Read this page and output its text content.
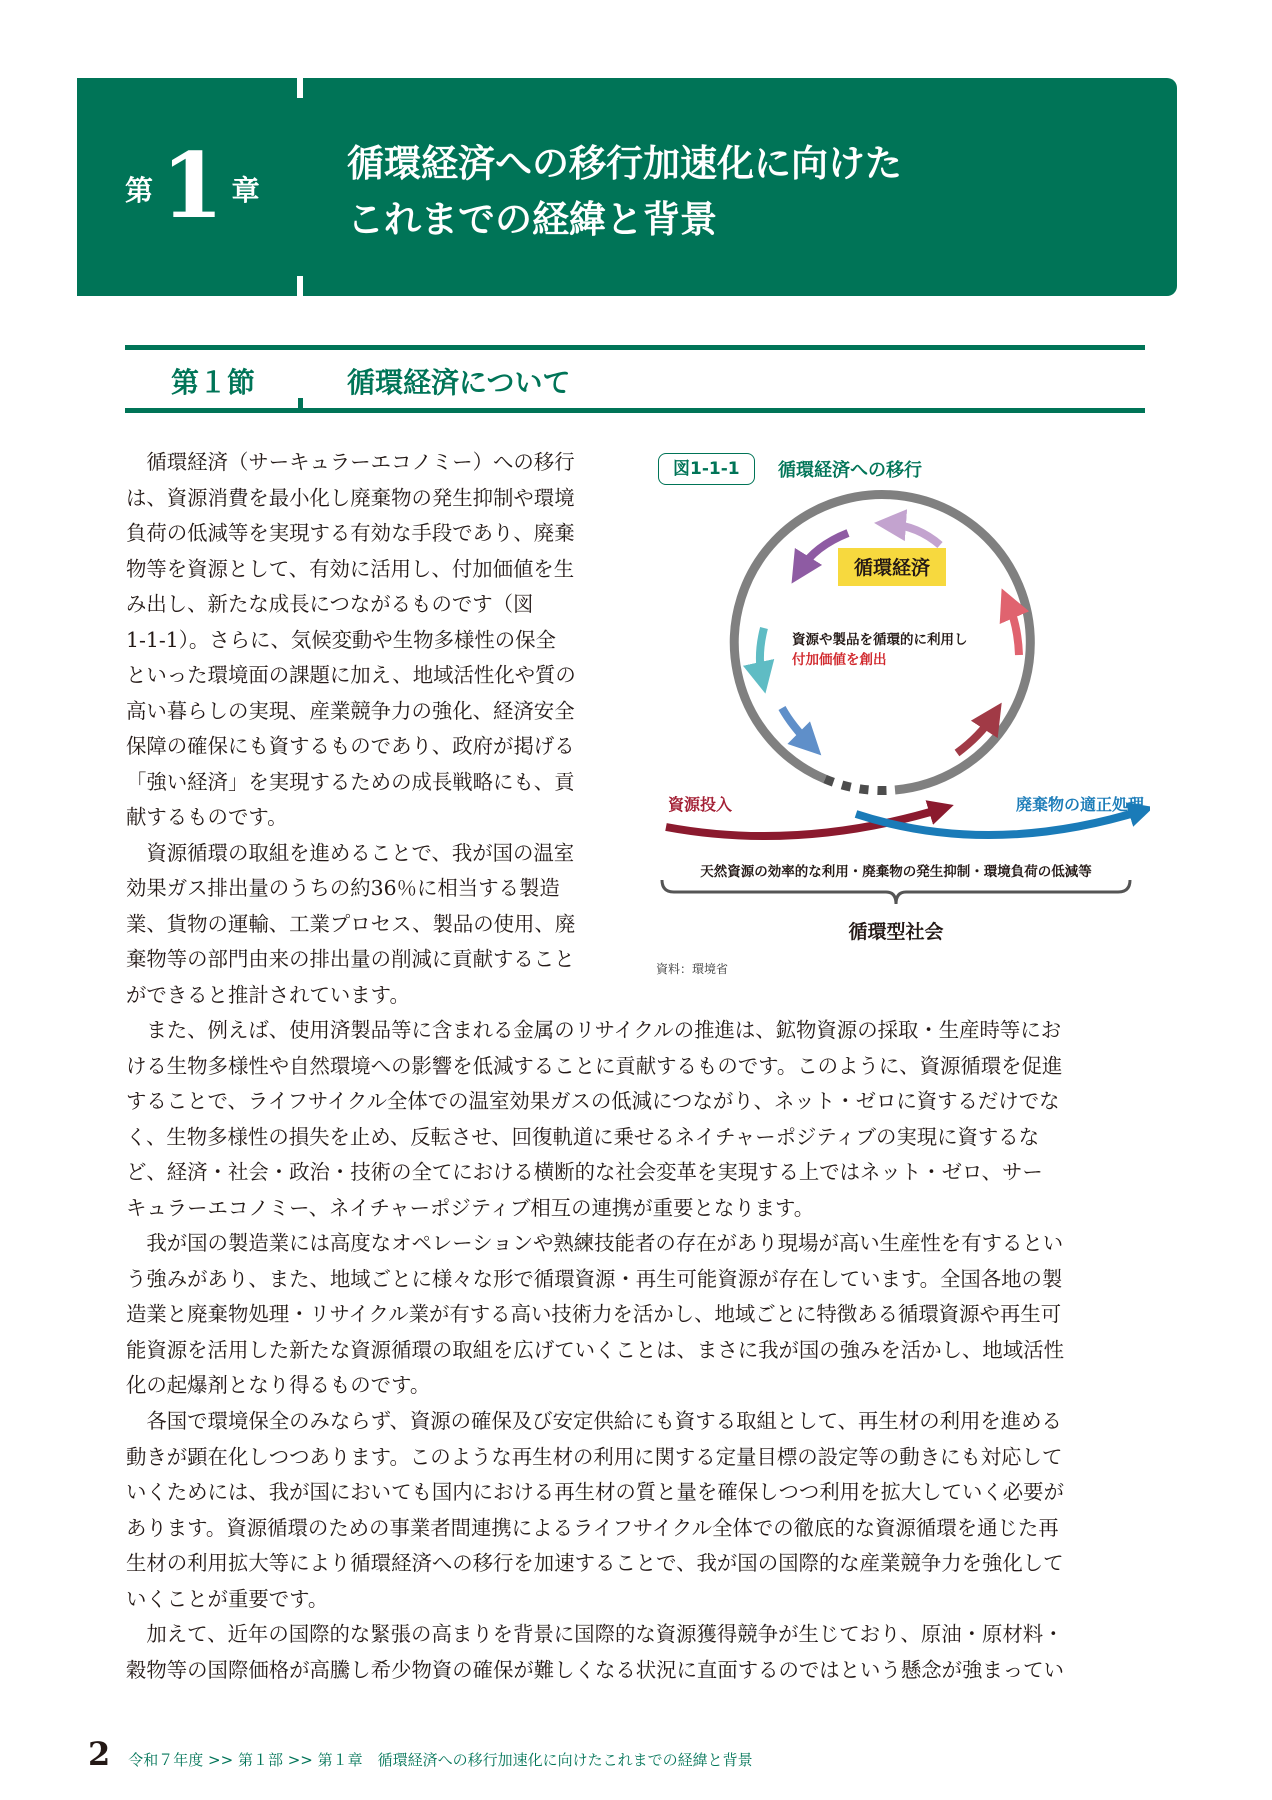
第 1 章
循環経済への移行加速化に向けた
これまでの経緯と背景
第１節	循環経済について
　循環経済（サーキュラーエコノミー）への移行
は、資源消費を最小化し廃棄物の発生抑制や環境
負荷の低減等を実現する有効な手段であり、廃棄
物等を資源として、有効に活用し、付加価値を生
み出し、新たな成長につながるものです（図
1-1-1）。さらに、気候変動や生物多様性の保全
といった環境面の課題に加え、地域活性化や質の
高い暮らしの実現、産業競争力の強化、経済安全
保障の確保にも資するものであり、政府が掲げる
「強い経済」を実現するための成長戦略にも、貢
献するものです。
　資源循環の取組を進めることで、我が国の温室
効果ガス排出量のうちの約36％に相当する製造
業、貨物の運輸、工業プロセス、製品の使用、廃
棄物等の部門由来の排出量の削減に貢献すること
ができると推計されています。
図1-1-1	循環経済への移行
循環経済
資源や製品を循環的に利用し
付加価値を創出
資源投入	廃棄物の適正処理
天然資源の効率的な利用・廃棄物の発生抑制・環境負荷の低減等
循環型社会
資料：環境省
　また、例えば、使用済製品等に含まれる金属のリサイクルの推進は、鉱物資源の採取・生産時等にお
ける生物多様性や自然環境への影響を低減することに貢献するものです。このように、資源循環を促進
することで、ライフサイクル全体での温室効果ガスの低減につながり、ネット・ゼロに資するだけでな
く、生物多様性の損失を止め、反転させ、回復軌道に乗せるネイチャーポジティブの実現に資するな
ど、経済・社会・政治・技術の全てにおける横断的な社会変革を実現する上ではネット・ゼロ、サー
キュラーエコノミー、ネイチャーポジティブ相互の連携が重要となります。
　我が国の製造業には高度なオペレーションや熟練技能者の存在があり現場が高い生産性を有するとい
う強みがあり、また、地域ごとに様々な形で循環資源・再生可能資源が存在しています。全国各地の製
造業と廃棄物処理・リサイクル業が有する高い技術力を活かし、地域ごとに特徴ある循環資源や再生可
能資源を活用した新たな資源循環の取組を広げていくことは、まさに我が国の強みを活かし、地域活性
化の起爆剤となり得るものです。
　各国で環境保全のみならず、資源の確保及び安定供給にも資する取組として、再生材の利用を進める
動きが顕在化しつつあります。このような再生材の利用に関する定量目標の設定等の動きにも対応して
いくためには、我が国においても国内における再生材の質と量を確保しつつ利用を拡大していく必要が
あります。資源循環のための事業者間連携によるライフサイクル全体での徹底的な資源循環を通じた再
生材の利用拡大等により循環経済への移行を加速することで、我が国の国際的な産業競争力を強化して
いくことが重要です。
　加えて、近年の国際的な緊張の高まりを背景に国際的な資源獲得競争が生じており、原油・原材料・
穀物等の国際価格が高騰し希少物資の確保が難しくなる状況に直面するのではという懸念が強まってい
2 令和７年度 >> 第１部 >> 第１章　循環経済への移行加速化に向けたこれまでの経緯と背景
